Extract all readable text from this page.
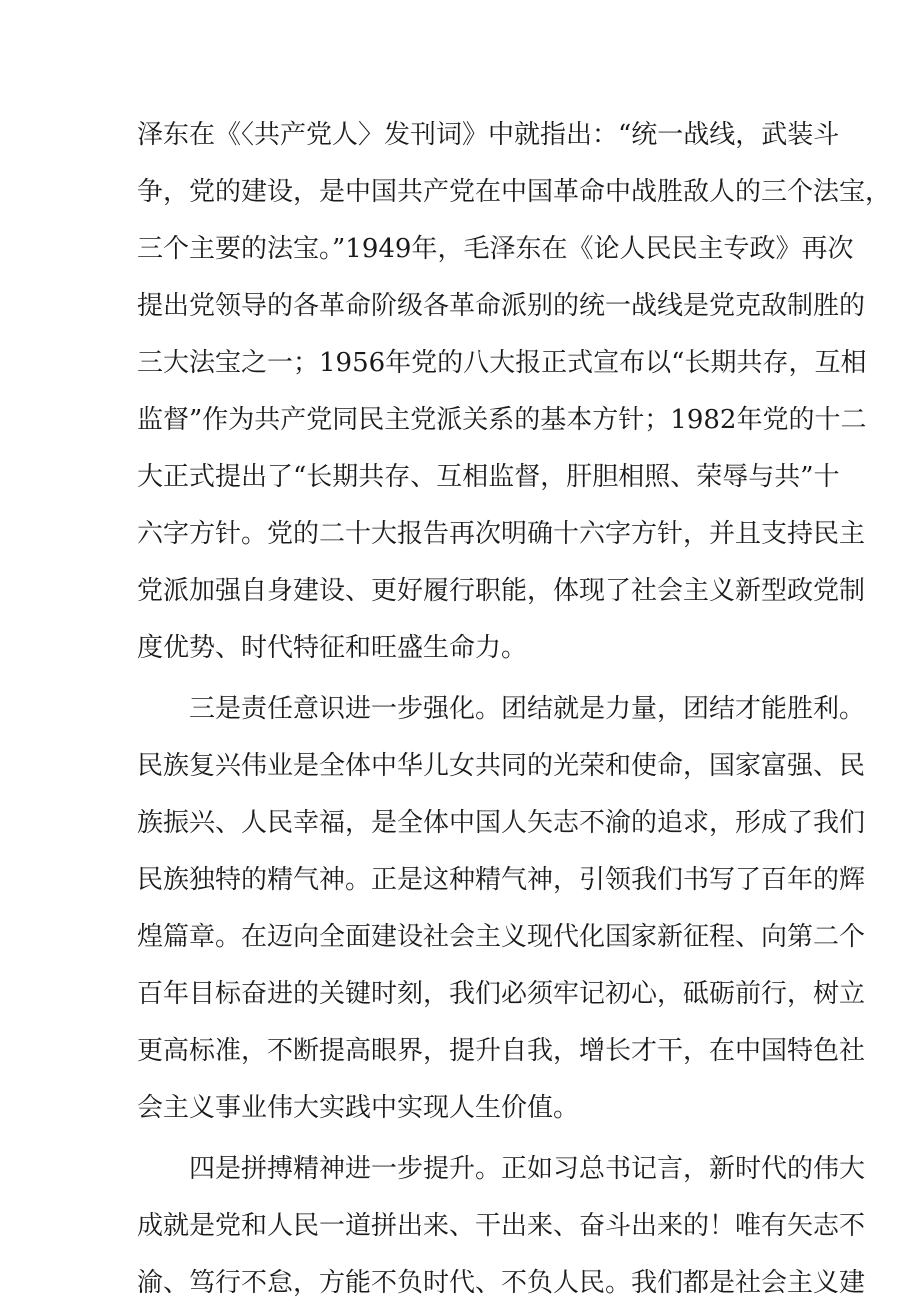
泽东在《〈共产党人〉发刊词》中就指出：“统一战线，武装斗
争，党的建设，是中国共产党在中国革命中战胜敌人的三个法宝，
三个主要的法宝。”1949年，毛泽东在《论人民民主专政》再次
提出党领导的各革命阶级各革命派别的统一战线是党克敌制胜的
三大法宝之一；1956年党的八大报正式宣布以“长期共存，互相
监督”作为共产党同民主党派关系的基本方针；1982年党的十二
大正式提出了“长期共存、互相监督，肝胆相照、荣辱与共”十
六字方针。党的二十大报告再次明确十六字方针，并且支持民主
党派加强自身建设、更好履行职能，体现了社会主义新型政党制
度优势、时代特征和旺盛生命力。
三是责任意识进一步强化。团结就是力量，团结才能胜利。
民族复兴伟业是全体中华儿女共同的光荣和使命，国家富强、民
族振兴、人民幸福，是全体中国人矢志不渝的追求，形成了我们
民族独特的精气神。正是这种精气神，引领我们书写了百年的辉
煌篇章。在迈向全面建设社会主义现代化国家新征程、向第二个
百年目标奋进的关键时刻，我们必须牢记初心，砥砺前行，树立
更高标准，不断提高眼界，提升自我，增长才干，在中国特色社
会主义事业伟大实践中实现人生价值。
四是拼搏精神进一步提升。正如习总书记言，新时代的伟大
成就是党和人民一道拼出来、干出来、奋斗出来的！唯有矢志不
渝、笃行不怠，方能不负时代、不负人民。我们都是社会主义建
